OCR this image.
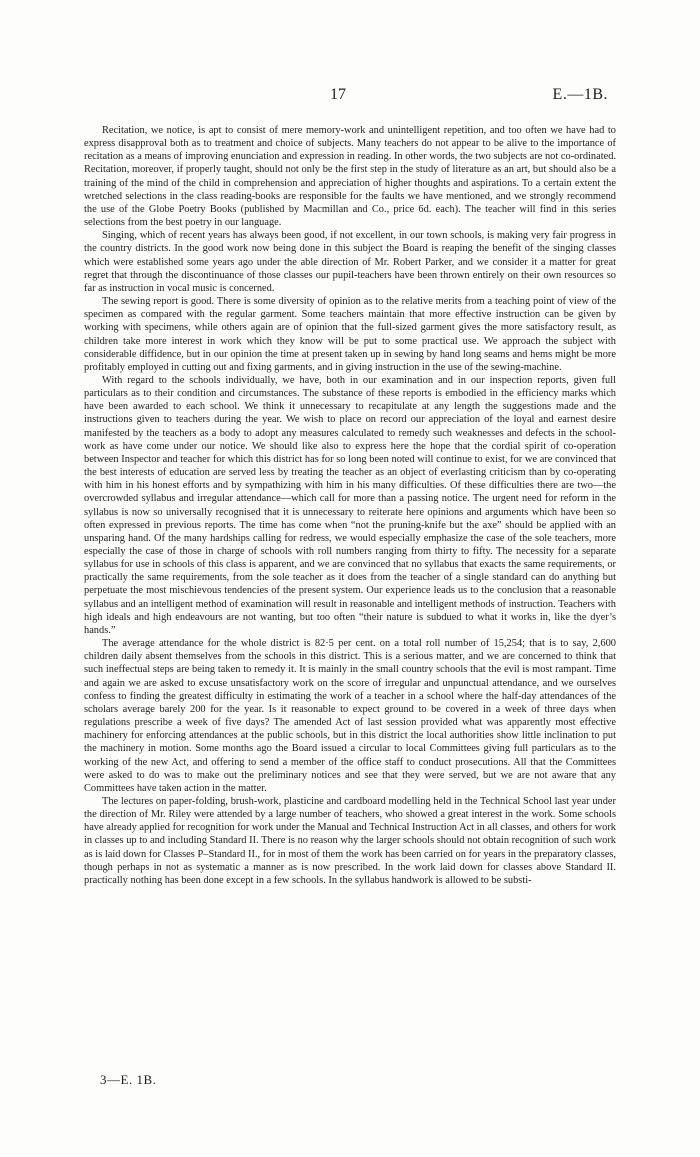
17	E.—1B.

Recitation, we notice, is apt to consist of mere memory-work and unintelligent repetition, and too often we have had to express disapproval both as to treatment and choice of subjects. Many teachers do not appear to be alive to the importance of recitation as a means of improving enunciation and expression in reading. In other words, the two subjects are not co-ordinated. Recitation, moreover, if properly taught, should not only be the first step in the study of literature as an art, but should also be a training of the mind of the child in comprehension and appreciation of higher thoughts and aspirations. To a certain extent the wretched selections in the class reading-books are responsible for the faults we have mentioned, and we strongly recommend the use of the Globe Poetry Books (published by Macmillan and Co., price 6d. each). The teacher will find in this series selections from the best poetry in our language.

Singing, which of recent years has always been good, if not excellent, in our town schools, is making very fair progress in the country districts. In the good work now being done in this subject the Board is reaping the benefit of the singing classes which were established some years ago under the able direction of Mr. Robert Parker, and we consider it a matter for great regret that through the discontinuance of those classes our pupil-teachers have been thrown entirely on their own resources so far as instruction in vocal music is concerned.

The sewing report is good. There is some diversity of opinion as to the relative merits from a teaching point of view of the specimen as compared with the regular garment. Some teachers maintain that more effective instruction can be given by working with specimens, while others again are of opinion that the full-sized garment gives the more satisfactory result, as children take more interest in work which they know will be put to some practical use. We approach the subject with considerable diffidence, but in our opinion the time at present taken up in sewing by hand long seams and hems might be more profitably employed in cutting out and fixing garments, and in giving instruction in the use of the sewing-machine.

With regard to the schools individually, we have, both in our examination and in our inspection reports, given full particulars as to their condition and circumstances. The substance of these reports is embodied in the efficiency marks which have been awarded to each school. We think it unnecessary to recapitulate at any length the suggestions made and the instructions given to teachers during the year. We wish to place on record our appreciation of the loyal and earnest desire manifested by the teachers as a body to adopt any measures calculated to remedy such weaknesses and defects in the school-work as have come under our notice. We should like also to express here the hope that the cordial spirit of co-operation between Inspector and teacher for which this district has for so long been noted will continue to exist, for we are convinced that the best interests of education are served less by treating the teacher as an object of everlasting criticism than by co-operating with him in his honest efforts and by sympathizing with him in his many difficulties. Of these difficulties there are two—the overcrowded syllabus and irregular attendance—which call for more than a passing notice. The urgent need for reform in the syllabus is now so universally recognised that it is unnecessary to reiterate here opinions and arguments which have been so often expressed in previous reports. The time has come when “not the pruning-knife but the axe” should be applied with an unsparing hand. Of the many hardships calling for redress, we would especially emphasize the case of the sole teachers, more especially the case of those in charge of schools with roll numbers ranging from thirty to fifty. The necessity for a separate syllabus for use in schools of this class is apparent, and we are convinced that no syllabus that exacts the same requirements, or practically the same requirements, from the sole teacher as it does from the teacher of a single standard can do anything but perpetuate the most mischievous tendencies of the present system. Our experience leads us to the conclusion that a reasonable syllabus and an intelligent method of examination will result in reasonable and intelligent methods of instruction. Teachers with high ideals and high endeavours are not wanting, but too often “their nature is subdued to what it works in, like the dyer’s hands.”

The average attendance for the whole district is 82·5 per cent. on a total roll number of 15,254; that is to say, 2,600 children daily absent themselves from the schools in this district. This is a serious matter, and we are concerned to think that such ineffectual steps are being taken to remedy it. It is mainly in the small country schools that the evil is most rampant. Time and again we are asked to excuse unsatisfactory work on the score of irregular and unpunctual attendance, and we ourselves confess to finding the greatest difficulty in estimating the work of a teacher in a school where the half-day attendances of the scholars average barely 200 for the year. Is it reasonable to expect ground to be covered in a week of three days when regulations prescribe a week of five days? The amended Act of last session provided what was apparently most effective machinery for enforcing attendances at the public schools, but in this district the local authorities show little inclination to put the machinery in motion. Some months ago the Board issued a circular to local Committees giving full particulars as to the working of the new Act, and offering to send a member of the office staff to conduct prosecutions. All that the Committees were asked to do was to make out the preliminary notices and see that they were served, but we are not aware that any Committees have taken action in the matter.

The lectures on paper-folding, brush-work, plasticine and cardboard modelling held in the Technical School last year under the direction of Mr. Riley were attended by a large number of teachers, who showed a great interest in the work. Some schools have already applied for recognition for work under the Manual and Technical Instruction Act in all classes, and others for work in classes up to and including Standard II. There is no reason why the larger schools should not obtain recognition of such work as is laid down for Classes P–Standard II., for in most of them the work has been carried on for years in the preparatory classes, though perhaps in not as systematic a manner as is now prescribed. In the work laid down for classes above Standard II. practically nothing has been done except in a few schools. In the syllabus handwork is allowed to be substi-

3—E. 1B.
